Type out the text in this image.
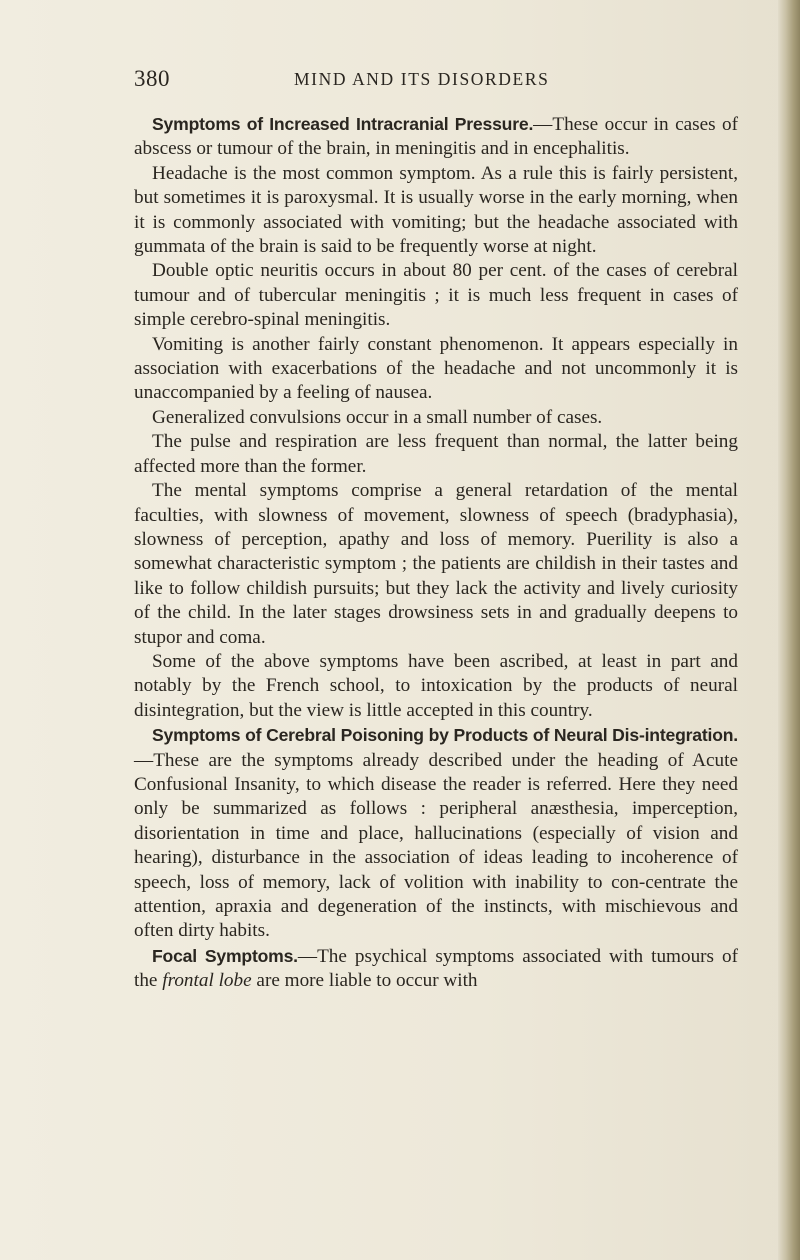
380	MIND AND ITS DISORDERS

Symptoms of Increased Intracranial Pressure.—These occur in cases of abscess or tumour of the brain, in meningitis and in encephalitis.

Headache is the most common symptom. As a rule this is fairly persistent, but sometimes it is paroxysmal. It is usually worse in the early morning, when it is commonly associated with vomiting; but the headache associated with gummata of the brain is said to be frequently worse at night.

Double optic neuritis occurs in about 80 per cent. of the cases of cerebral tumour and of tubercular meningitis ; it is much less frequent in cases of simple cerebro-spinal meningitis.

Vomiting is another fairly constant phenomenon. It appears especially in association with exacerbations of the headache and not uncommonly it is unaccompanied by a feeling of nausea.

Generalized convulsions occur in a small number of cases.

The pulse and respiration are less frequent than normal, the latter being affected more than the former.

The mental symptoms comprise a general retardation of the mental faculties, with slowness of movement, slowness of speech (bradyphasia), slowness of perception, apathy and loss of memory. Puerility is also a somewhat characteristic symptom ; the patients are childish in their tastes and like to follow childish pursuits; but they lack the activity and lively curiosity of the child. In the later stages drowsiness sets in and gradually deepens to stupor and coma.

Some of the above symptoms have been ascribed, at least in part and notably by the French school, to intoxication by the products of neural disintegration, but the view is little accepted in this country.

Symptoms of Cerebral Poisoning by Products of Neural Dis-integration.—These are the symptoms already described under the heading of Acute Confusional Insanity, to which disease the reader is referred. Here they need only be summarized as follows : peripheral anæsthesia, imperception, disorientation in time and place, hallucinations (especially of vision and hearing), disturbance in the association of ideas leading to incoherence of speech, loss of memory, lack of volition with inability to con-centrate the attention, apraxia and degeneration of the instincts, with mischievous and often dirty habits.

Focal Symptoms.—The psychical symptoms associated with tumours of the frontal lobe are more liable to occur with
